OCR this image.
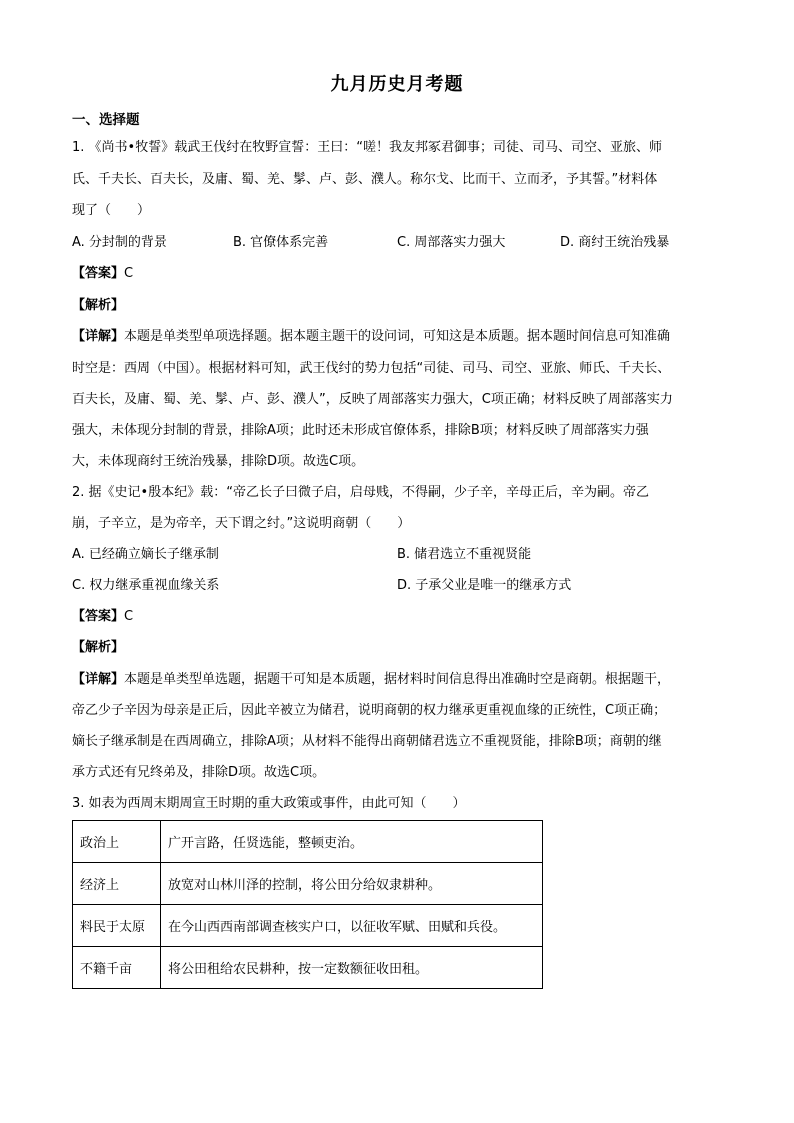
九月历史月考题
一、选择题
1. 《尚书•牧誓》载武王伐纣在牧野宣誓：王曰：“嗟！我友邦冢君御事；司徒、司马、司空、亚旅、师
氏、千夫长、百夫长，及庸、蜀、羌、髳、卢、彭、濮人。称尔戈、比而干、立而矛，予其誓。”材料体
现了（　　）
A. 分封制的背景	B. 官僚体系完善	C. 周部落实力强大	D. 商纣王统治残暴
【答案】C
【解析】
【详解】本题是单类型单项选择题。据本题主题干的设问词，可知这是本质题。据本题时间信息可知准确
时空是：西周（中国）。根据材料可知，武王伐纣的势力包括“司徒、司马、司空、亚旅、师氏、千夫长、
百夫长，及庸、蜀、羌、髳、卢、彭、濮人”，反映了周部落实力强大，C项正确；材料反映了周部落实力
强大，未体现分封制的背景，排除A项；此时还未形成官僚体系，排除B项；材料反映了周部落实力强
大，未体现商纣王统治残暴，排除D项。故选C项。
2. 据《史记•殷本纪》载：“帝乙长子曰微子启，启母贱，不得嗣，少子辛，辛母正后，辛为嗣。帝乙
崩，子辛立，是为帝辛，天下谓之纣。”这说明商朝（　　）
A. 已经确立嫡长子继承制	B. 储君选立不重视贤能
C. 权力继承重视血缘关系	D. 子承父业是唯一的继承方式
【答案】C
【解析】
【详解】本题是单类型单选题，据题干可知是本质题，据材料时间信息得出准确时空是商朝。根据题干，
帝乙少子辛因为母亲是正后，因此辛被立为储君，说明商朝的权力继承更重视血缘的正统性，C项正确；
嫡长子继承制是在西周确立，排除A项；从材料不能得出商朝储君选立不重视贤能，排除B项；商朝的继
承方式还有兄终弟及，排除D项。故选C项。
3. 如表为西周末期周宣王时期的重大政策或事件，由此可知（　　）
政治上	广开言路，任贤选能，整顿吏治。
经济上	放宽对山林川泽的控制，将公田分给奴隶耕种。
料民于太原	在今山西西南部调查核实户口，以征收军赋、田赋和兵役。
不籍千亩	将公田租给农民耕种，按一定数额征收田租。
